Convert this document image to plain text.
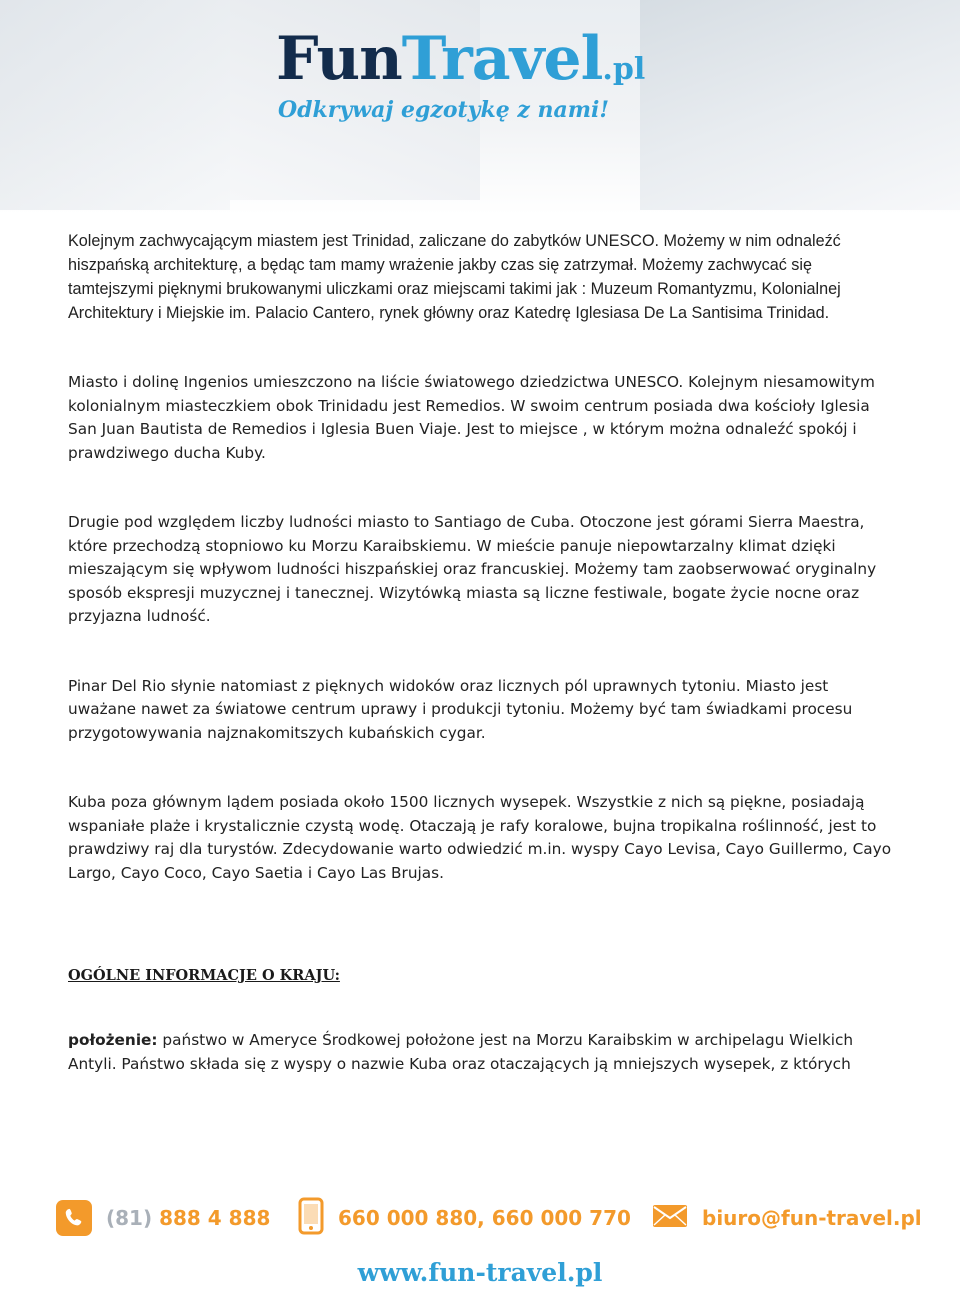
FunTravel.pl
Odkrywaj egzotykę z nami!

Kolejnym zachwycającym miastem jest Trinidad, zaliczane do zabytków UNESCO. Możemy w nim odnaleźć hiszpańską architekturę, a będąc tam mamy wrażenie jakby czas się zatrzymał. Możemy zachwycać się tamtejszymi pięknymi brukowanymi uliczkami oraz miejscami takimi jak : Muzeum Romantyzmu, Kolonialnej Architektury i Miejskie im. Palacio Cantero, rynek główny oraz Katedrę Iglesiasa De La Santisima Trinidad.

Miasto i dolinę Ingenios umieszczono na liście światowego dziedzictwa UNESCO. Kolejnym niesamowitym kolonialnym miasteczkiem obok Trinidadu jest Remedios. W swoim centrum posiada dwa kościoły Iglesia San Juan Bautista de Remedios i Iglesia Buen Viaje. Jest to miejsce , w którym można odnaleźć spokój i prawdziwego ducha Kuby.

Drugie pod względem liczby ludności miasto to Santiago de Cuba. Otoczone jest górami Sierra Maestra, które przechodzą stopniowo ku Morzu Karaibskiemu. W mieście panuje niepowtarzalny klimat dzięki mieszającym się wpływom ludności hiszpańskiej oraz francuskiej. Możemy tam zaobserwować oryginalny sposób ekspresji muzycznej i tanecznej. Wizytówką miasta są liczne festiwale, bogate życie nocne oraz przyjazna ludność.

Pinar Del Rio słynie natomiast z pięknych widoków oraz licznych pól uprawnych tytoniu. Miasto jest uważane nawet za światowe centrum uprawy i produkcji tytoniu. Możemy być tam świadkami procesu przygotowywania najznakomitszych kubańskich cygar.

Kuba poza głównym lądem posiada około 1500 licznych wysepek. Wszystkie z nich są piękne, posiadają wspaniałe plaże i krystalicznie czystą wodę. Otaczają je rafy koralowe, bujna tropikalna roślinność, jest to prawdziwy raj dla turystów. Zdecydowanie warto odwiedzić m.in. wyspy Cayo Levisa, Cayo Guillermo, Cayo Largo, Cayo Coco, Cayo Saetia i Cayo Las Brujas.

OGÓLNE INFORMACJE O KRAJU:

położenie: państwo w Ameryce Środkowej położone jest na Morzu Karaibskim w archipelagu Wielkich Antyli. Państwo składa się z wyspy o nazwie Kuba oraz otaczających ją mniejszych wysepek, z których

(81) 888 4 888	660 000 880, 660 000 770	biuro@fun-travel.pl
www.fun-travel.pl
